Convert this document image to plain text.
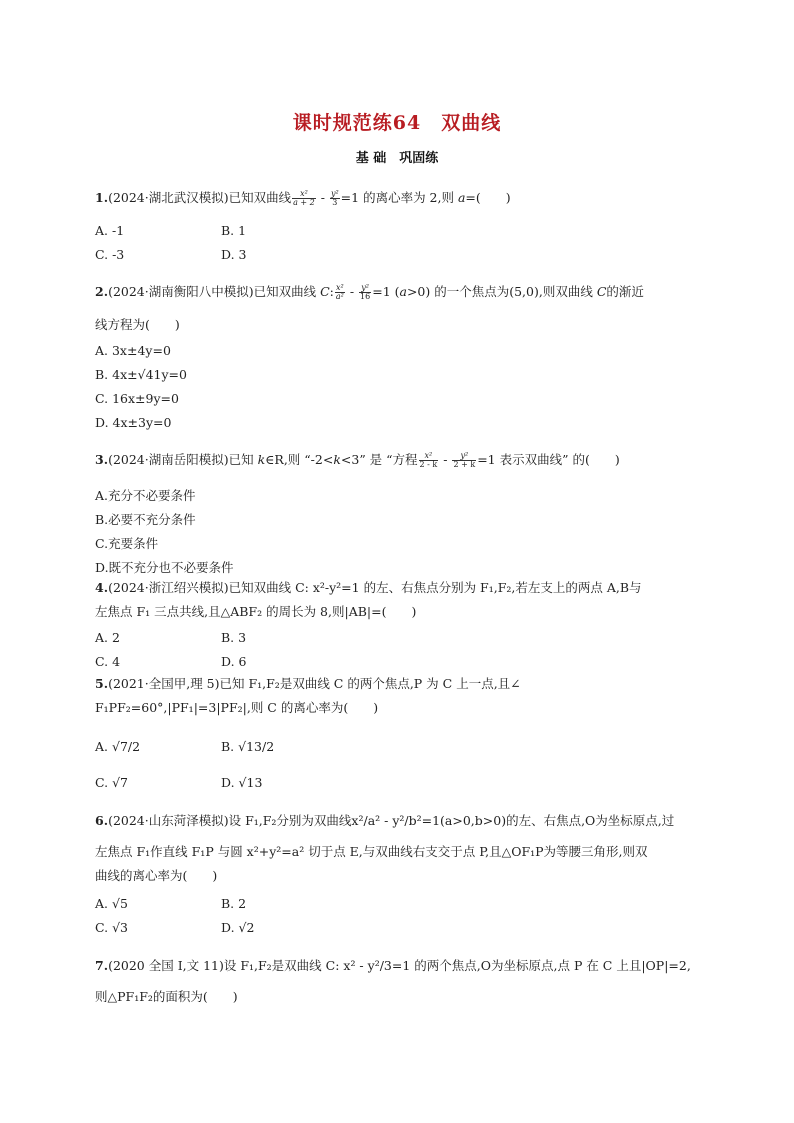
课时规范练64　双曲线
基 础　巩固练
1.(2024·湖北武汉模拟)已知双曲线 $\frac{\text{x²}}{a + 2} - \frac{\text{y²}}{3} =1$ 的离心率为 2,则 a=(　　)
A. -1	B. 1
C. -3	D. 3
2.(2024·湖南衡阳八中模拟)已知双曲线 C: $\frac{\text{x²}}{\text{a²}} - \frac{\text{y²}}{16} =1$ (a>0) 的一个焦点为(5,0),则双曲线 C的渐近
线方程为(　　)
A. 3x±4y=0
B. 4x±√41y=0
C. 16x±9y=0
D. 4x±3y=0
3.(2024·湖南岳阳模拟)已知 k∈R,则 “-2<k<3” 是 “方程 $\frac{\text{x²}}{2 - k} - \frac{\text{y²}}{2 + k} =1$ 表示双曲线” 的(　　)
A.充分不必要条件
B.必要不充分条件
C.充要条件
D.既不充分也不必要条件
4.(2024·浙江绍兴模拟)已知双曲线 C: x²-y²=1 的左、右焦点分别为 F₁,F₂,若左支上的两点 A,B与
左焦点 F₁ 三点共线,且△ABF₂ 的周长为 8,则|AB|=(　　)
A. 2	B. 3
C. 4	D. 6
5.(2021·全国甲,理 5)已知 F₁,F₂是双曲线 C 的两个焦点,P 为 C 上一点,且∠
F₁PF₂=60°,|PF₁|=3|PF₂|,则 C 的离心率为(　　)
A. √7/2	B. √13/2
C. √7	D. √13
6.(2024·山东菏泽模拟)设 F₁,F₂分别为双曲线x²/a² - y²/b²=1(a>0,b>0)的左、右焦点,O为坐标原点,过
左焦点 F₁作直线 F₁P 与圆 x²+y²=a² 切于点 E,与双曲线右支交于点 P,且△OF₁P为等腰三角形,则双
曲线的离心率为(　　)
A. √5	B. 2
C. √3	D. √2
7.(2020 全国 Ⅰ,文 11)设 F₁,F₂是双曲线 C: x² - y²/3=1 的两个焦点,O为坐标原点,点 P 在 C 上且|OP|=2,
则△PF₁F₂的面积为(　　)
